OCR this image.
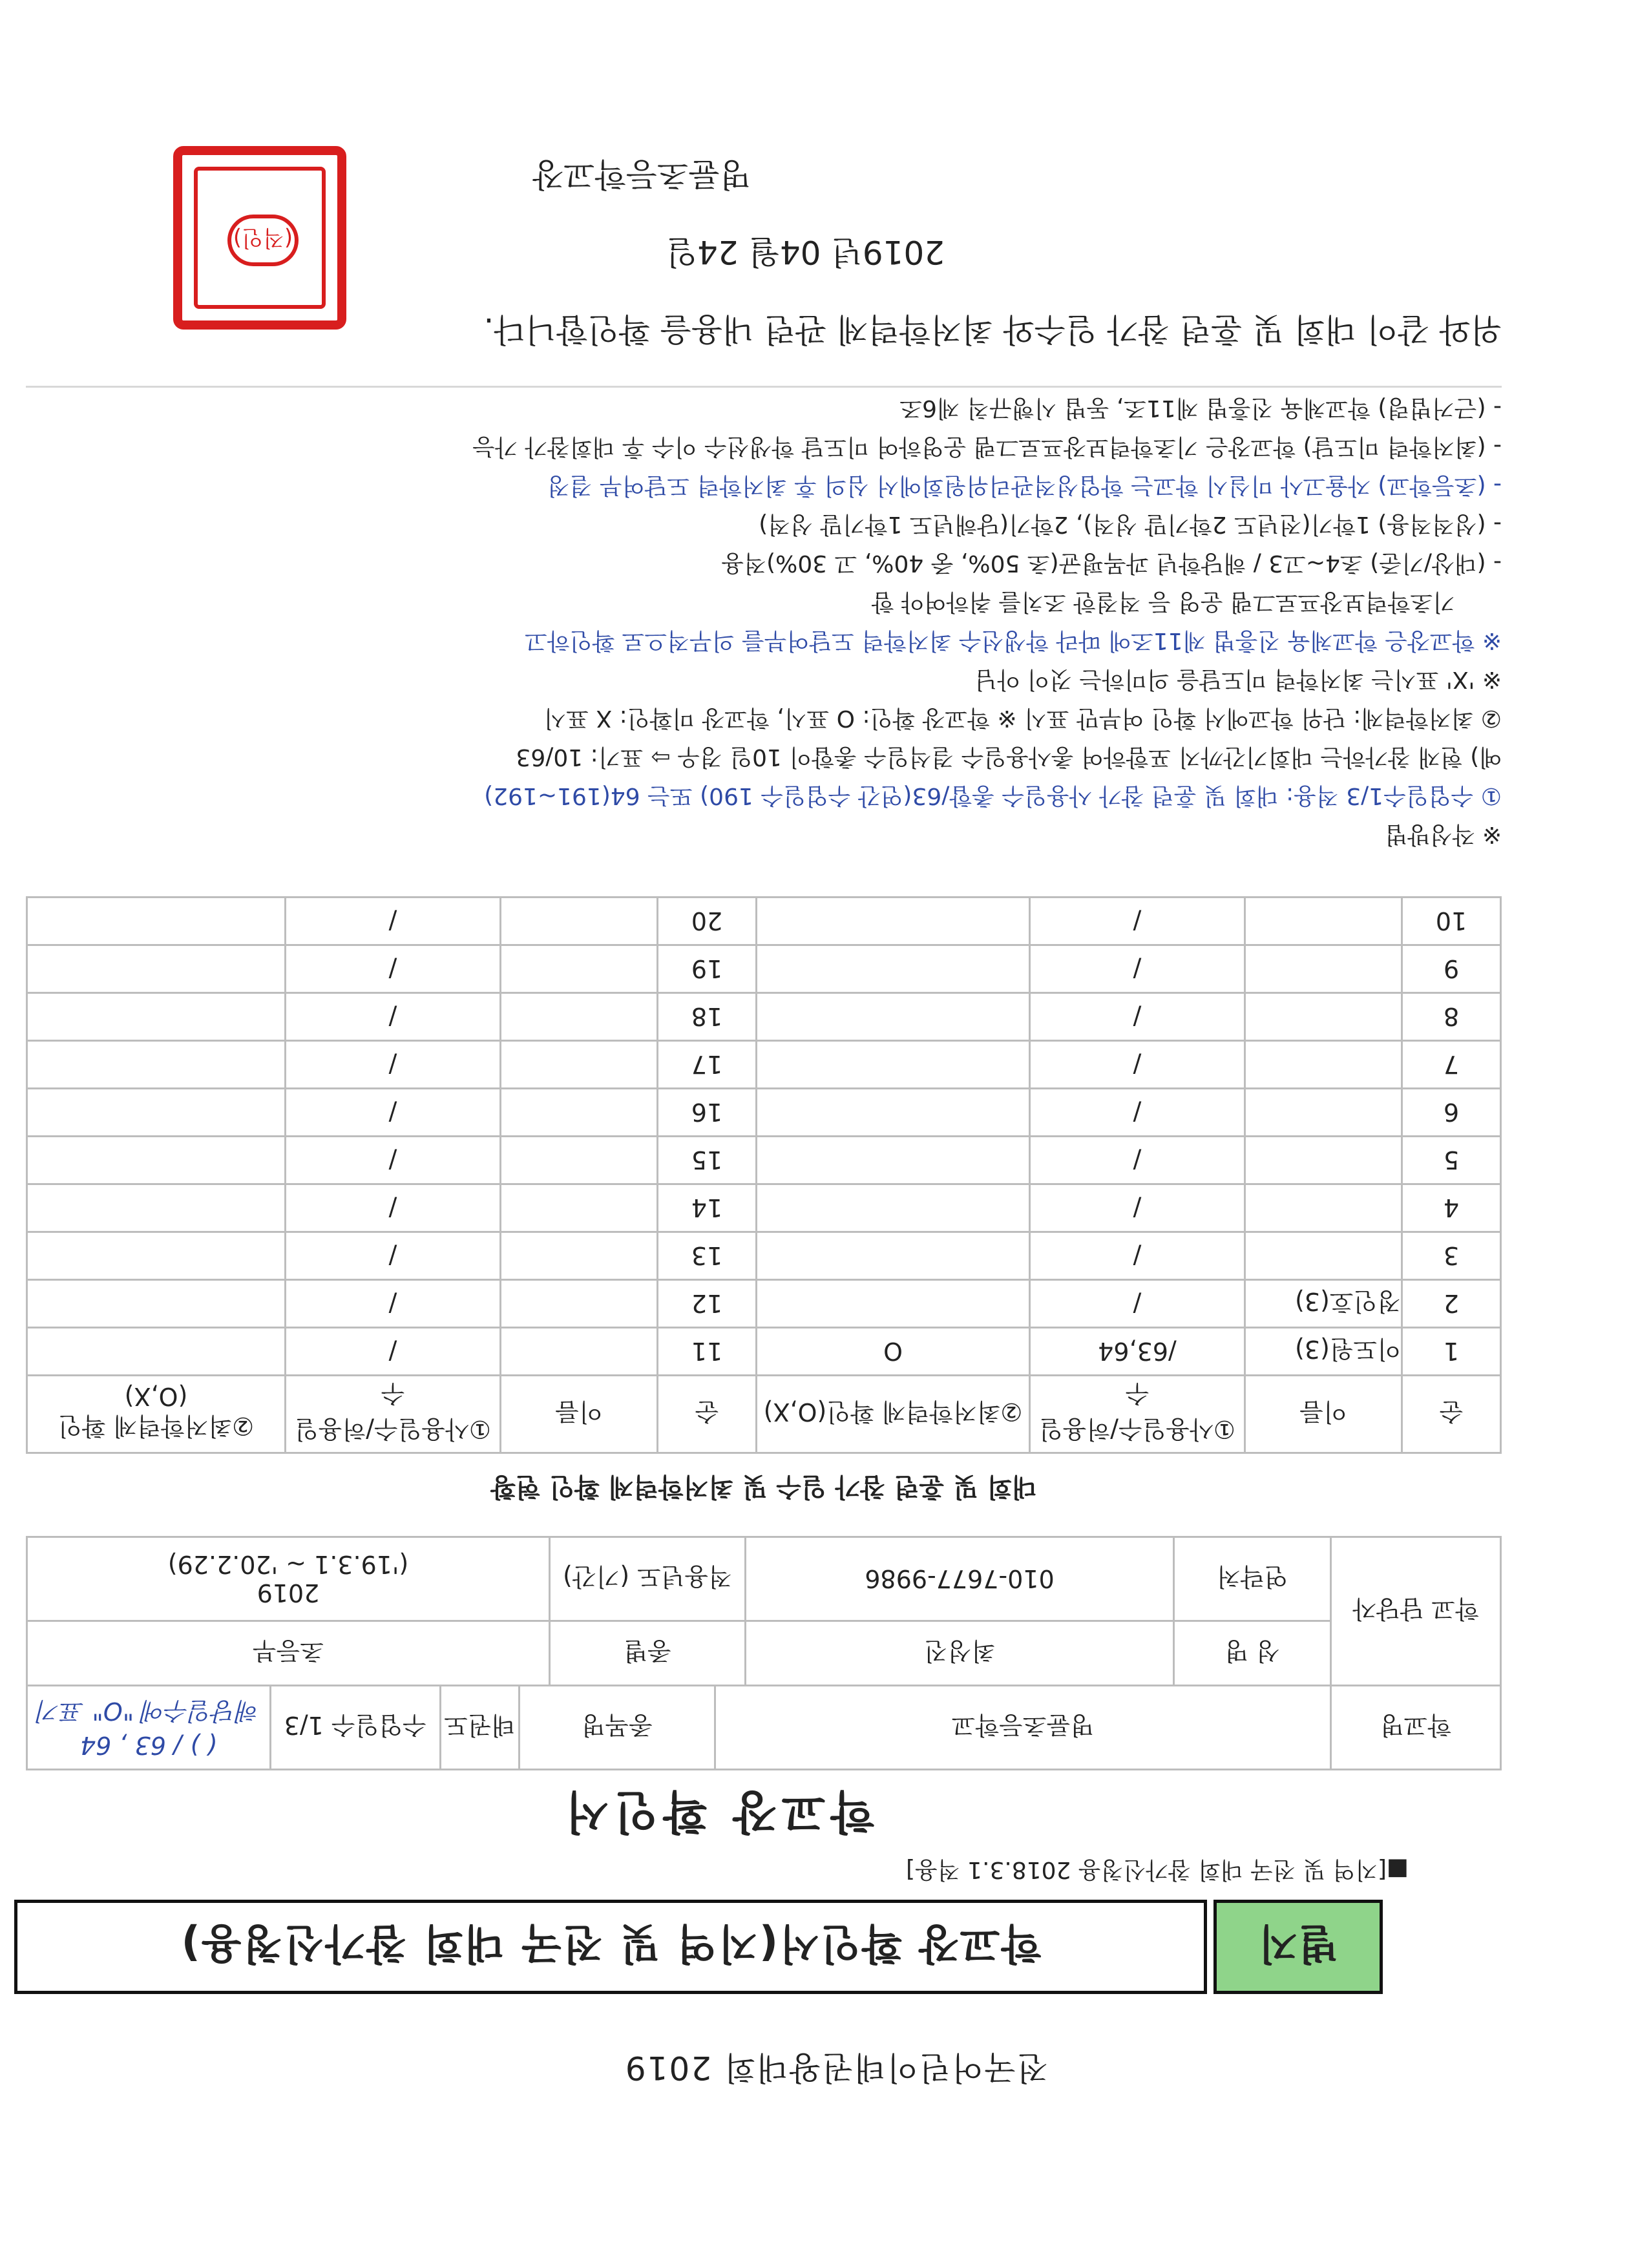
전국어린이태권왕대회 2019
별지
학교장 확인서(지역 및 전국 대회 참가신청용)
■[지역 및 전국 대회 참가신청용 2018.3.1 적용]
학교장 확인서
학교명	명륜초등학교	종목명	태권도	수업일수 1/3	
( ) / 63 , 64
해당일수에 "O" 표기
학교 담당자	성 명	최성진	종별	초등부
	연락처	010-7677-9986	적용년도 (기간)	2019
('19.3.1 ~ '20.2.29)
대회 및 훈련 참가 일수 및 최저학력제 확인 현황
순	이름	①사용일수/허용일수	②최저학력제 확인(O,X)	순	이름	①사용일수/허용일수	②최저학력제 확인(O,X)
1	이도원(3)	/63,64	O	11		/	
2	정인호(3)	/		12		/	
3		/		13		/	
4		/		14		/	
5		/		15		/	
6		/		16		/	
7		/		17		/	
8		/		18		/	
9		/		19		/	
10		/		20		/	
※ 작성방법
① 수업일수1/3 적용: 대회 및 훈련 참가 사용일수 총합/63(연간 수업일수 190) 또는 64(191~192)
예) 현재 참가하는 대회기간까지 포함하여 총사용일수 결석일수 총합이 10일 경우 ⇨ 표기: 10/63
② 최저학력제: 단위 학교에서 확인 여부만 표시 ※ 학교장 확인: O 표시, 학교장 미확인: X 표시
※ 'X' 표시는 최저학력 미도달을 의미하는 것이 아님
※ 학교장은 학교체육 진흥법 제11조에 따라 학생선수 최저학력 도달여부를 의무적으로 확인하고
기초학력보장프로그램 운영 등 적절한 조치를 취하여야 함
- (대상/기준) 초4~고3 / 해당학년 과목평균(초 50%, 중 40%, 고 30%)적용
- (성적적용) 1학기(전년도 2학기말 성적), 2학기(당해년도 1학기말 성적)
- (초등학교) 자율고사 미실시 학교는 학업성적관리위원회에서 심의 후 최저학력 도달여부 결정
- (최저학력 미도달) 학교장은 기초학력보장프로그램 운영하여 미도달 학생선수 이수 후 대회참가 가능
- (근거법령) 학교체육 진흥법 제11조, 동법 시행규칙 제6조
위와 같이 대회 및 훈련 참가 일수와 최저학력제 관련 내용을 확인합니다.
2019년 04월 24일
명륜초등학교장
(직인)
